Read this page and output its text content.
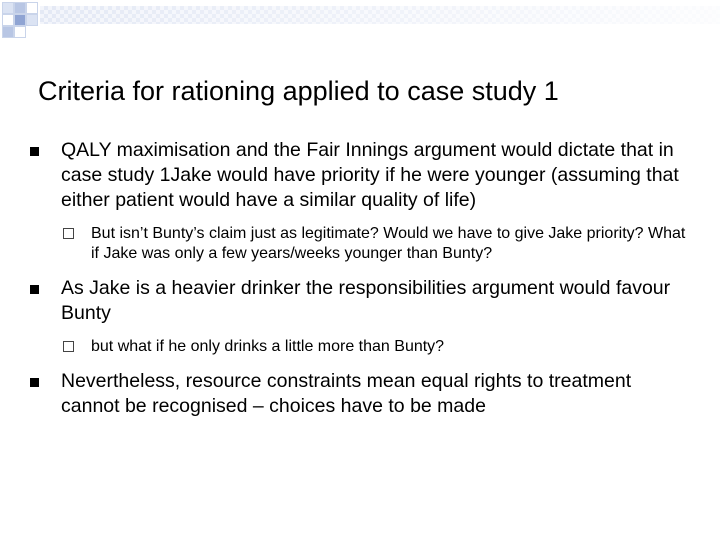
Criteria for rationing applied to case study 1
QALY maximisation and the Fair Innings argument would dictate that in case study 1Jake would have priority if he were younger (assuming that either patient would have a similar quality of life)
But isn’t Bunty’s claim just as legitimate? Would we have to give Jake priority? What if Jake was only a few years/weeks younger than Bunty?
As Jake is a heavier drinker the responsibilities argument would favour Bunty
but what if he only drinks a little more than Bunty?
Nevertheless, resource constraints mean equal rights to treatment cannot be recognised – choices have to be made
